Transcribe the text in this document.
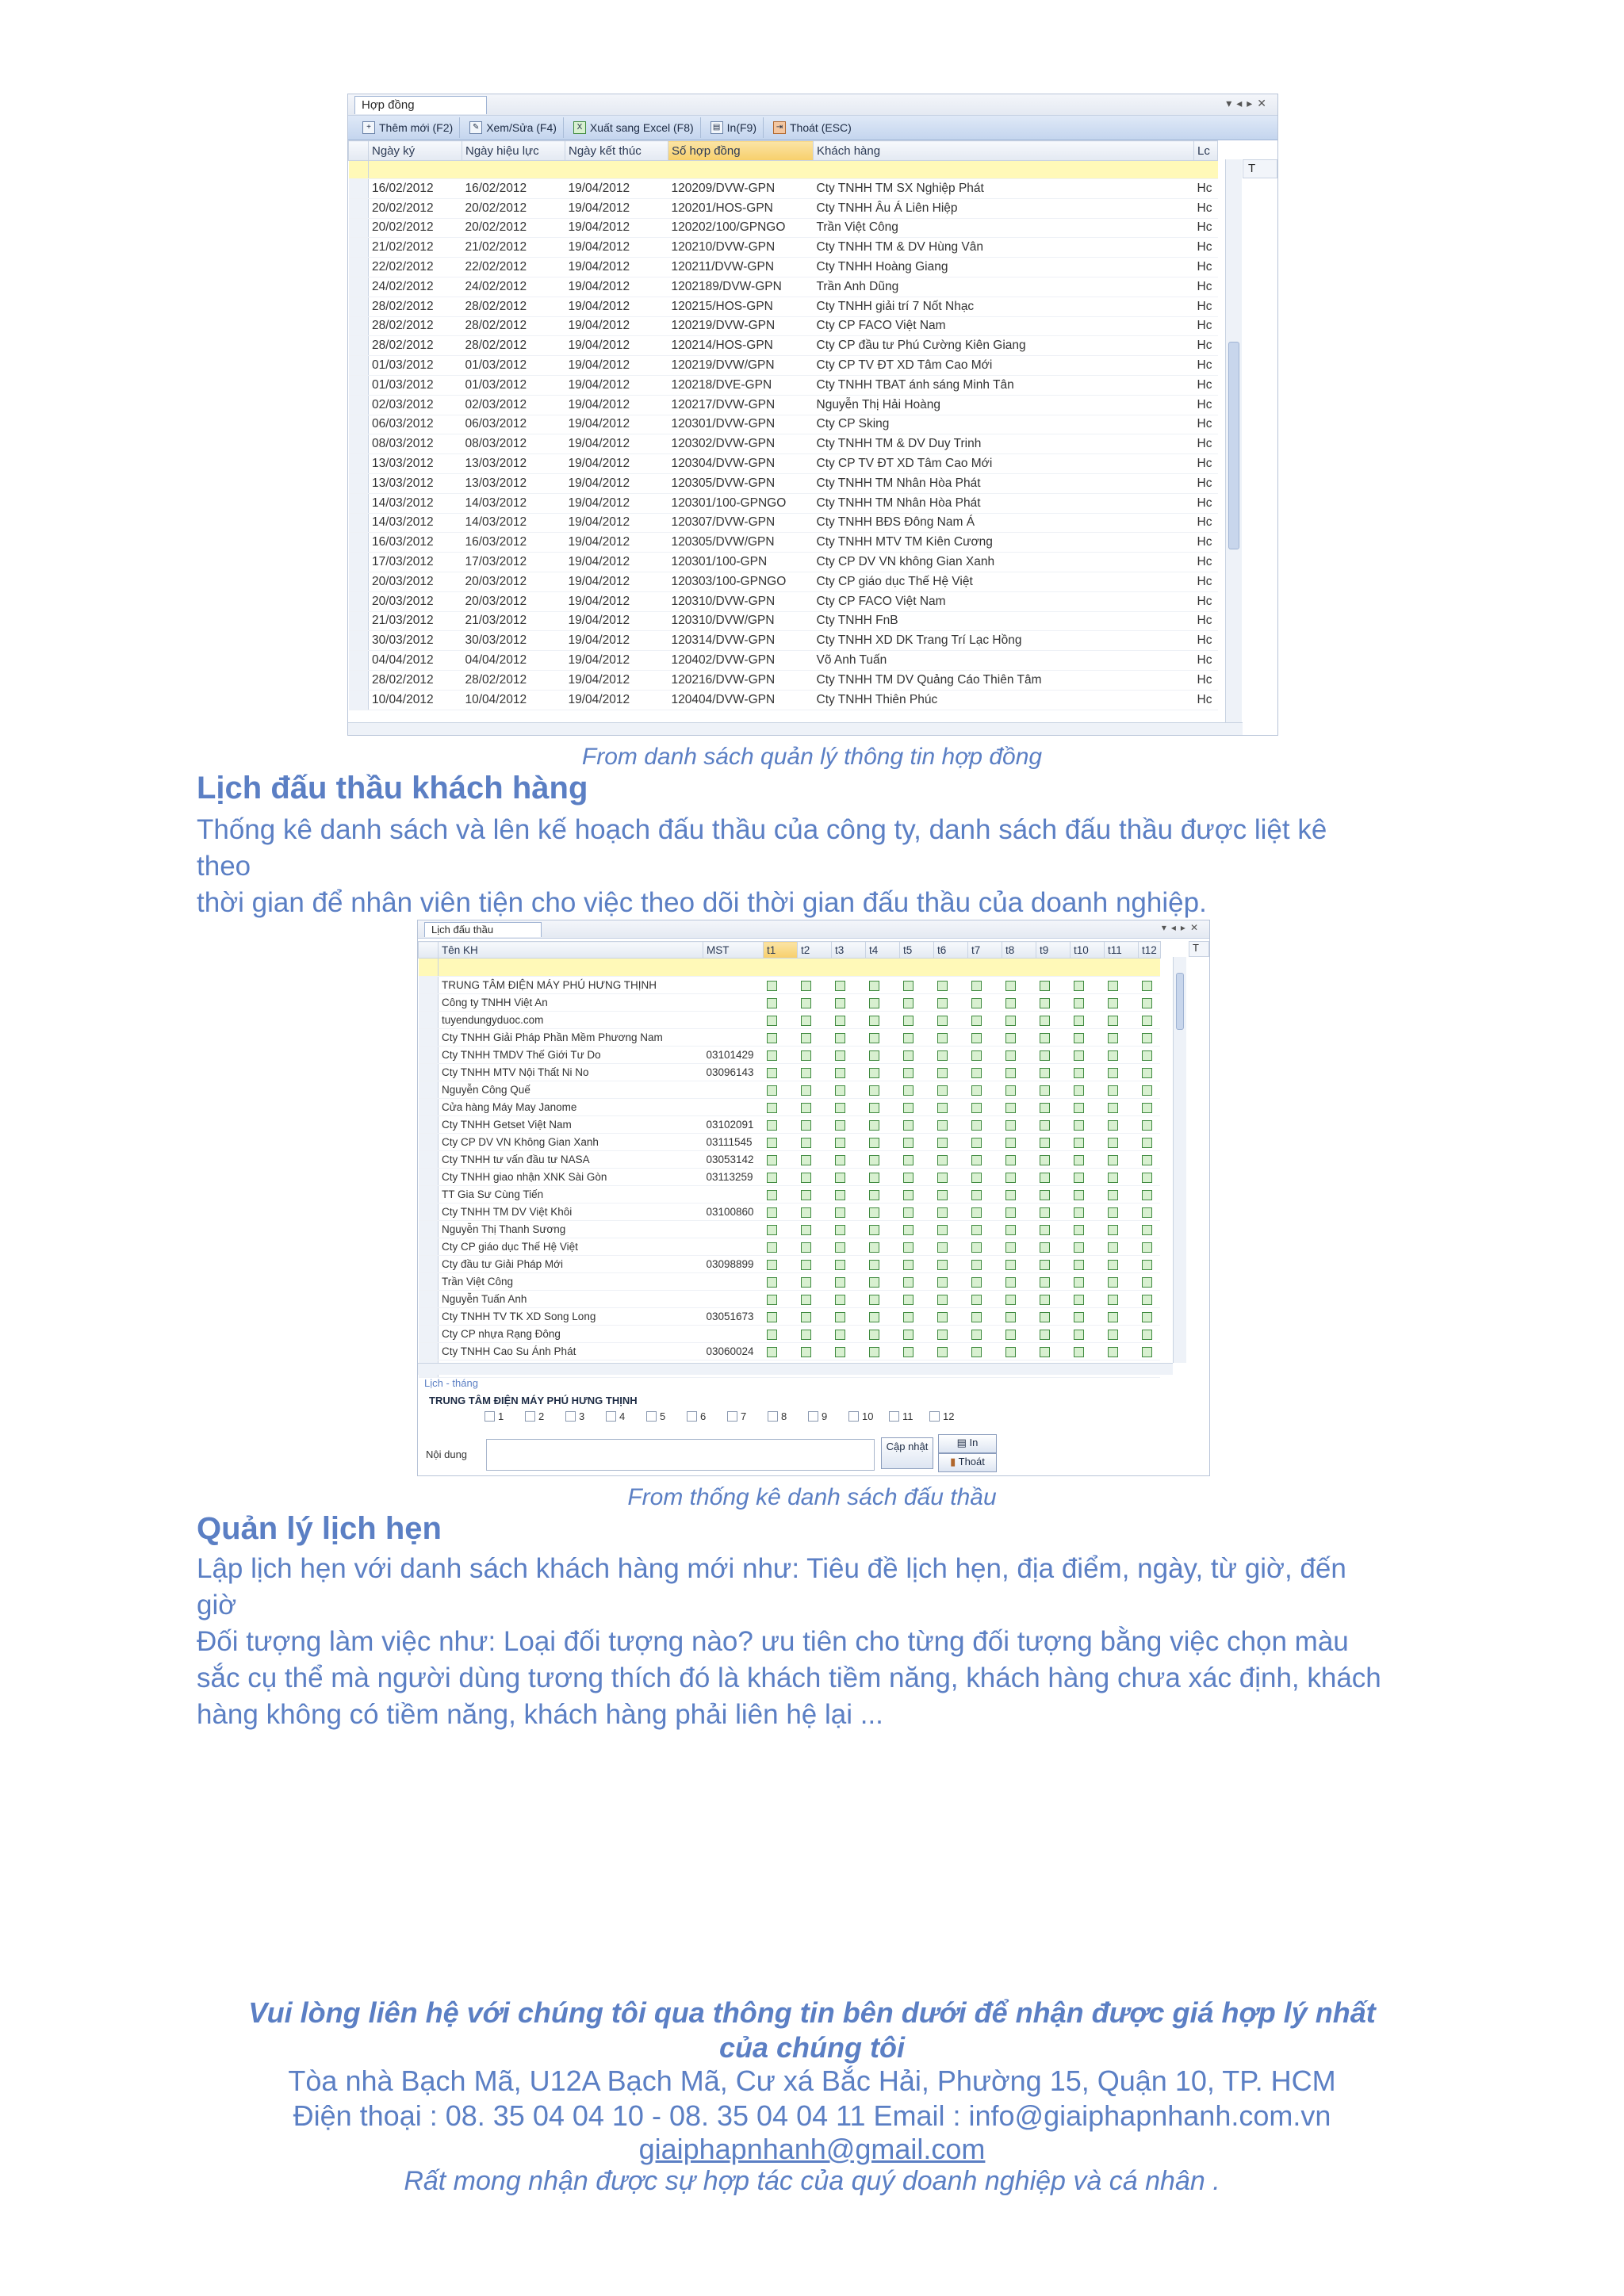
Hợp đồng	▾◂▸✕
+ Thêm mới (F2)	✎ Xem/Sửa (F4)	X Xuất sang Excel (F8)	▤ In(F9)	⇥ Thoát (ESC)
	Ngày ký	Ngày hiệu lực	Ngày kết thúc	Số hợp đồng	Khách hàng	Lc

	16/02/2012	16/02/2012	19/04/2012	120209/DVW-GPN	Cty TNHH TM SX Nghiệp Phát	Hc
	20/02/2012	20/02/2012	19/04/2012	120201/HOS-GPN	Cty TNHH Âu Á Liên Hiệp	Hc
	20/02/2012	20/02/2012	19/04/2012	120202/100/GPNGO	Trần Việt Công	Hc
	21/02/2012	21/02/2012	19/04/2012	120210/DVW-GPN	Cty TNHH TM & DV Hùng Vân	Hc
	22/02/2012	22/02/2012	19/04/2012	120211/DVW-GPN	Cty TNHH Hoàng Giang	Hc
	24/02/2012	24/02/2012	19/04/2012	1202189/DVW-GPN	Trần Anh Dũng	Hc
	28/02/2012	28/02/2012	19/04/2012	120215/HOS-GPN	Cty TNHH giải trí 7 Nốt Nhạc	Hc
	28/02/2012	28/02/2012	19/04/2012	120219/DVW-GPN	Cty CP FACO Việt Nam	Hc
	28/02/2012	28/02/2012	19/04/2012	120214/HOS-GPN	Cty CP đầu tư Phú Cường Kiên Giang	Hc
	01/03/2012	01/03/2012	19/04/2012	120219/DVW/GPN	Cty CP TV ĐT XD Tâm Cao Mới	Hc
	01/03/2012	01/03/2012	19/04/2012	120218/DVE-GPN	Cty TNHH TBAT ánh sáng Minh Tân	Hc
	02/03/2012	02/03/2012	19/04/2012	120217/DVW-GPN	Nguyễn Thị Hải Hoàng	Hc
	06/03/2012	06/03/2012	19/04/2012	120301/DVW-GPN	Cty CP Sking	Hc
	08/03/2012	08/03/2012	19/04/2012	120302/DVW-GPN	Cty TNHH TM & DV Duy Trinh	Hc
	13/03/2012	13/03/2012	19/04/2012	120304/DVW-GPN	Cty CP TV ĐT XD Tâm Cao Mới	Hc
	13/03/2012	13/03/2012	19/04/2012	120305/DVW-GPN	Cty TNHH TM Nhân Hòa Phát	Hc
	14/03/2012	14/03/2012	19/04/2012	120301/100-GPNGO	Cty TNHH TM Nhân Hòa Phát	Hc
	14/03/2012	14/03/2012	19/04/2012	120307/DVW-GPN	Cty TNHH BĐS Đông Nam Á	Hc
	16/03/2012	16/03/2012	19/04/2012	120305/DVW/GPN	Cty TNHH MTV TM Kiên Cương	Hc
	17/03/2012	17/03/2012	19/04/2012	120301/100-GPN	Cty CP DV VN không Gian Xanh	Hc
	20/03/2012	20/03/2012	19/04/2012	120303/100-GPNGO	Cty CP giáo dục Thế Hệ Việt	Hc
	20/03/2012	20/03/2012	19/04/2012	120310/DVW-GPN	Cty CP FACO Việt Nam	Hc
	21/03/2012	21/03/2012	19/04/2012	120310/DVW/GPN	Cty TNHH FnB	Hc
	30/03/2012	30/03/2012	19/04/2012	120314/DVW-GPN	Cty TNHH XD DK Trang Trí Lạc Hồng	Hc
	04/04/2012	04/04/2012	19/04/2012	120402/DVW-GPN	Võ Anh Tuấn	Hc
	28/02/2012	28/02/2012	19/04/2012	120216/DVW-GPN	Cty TNHH TM DV Quảng Cáo Thiên Tâm	Hc
	10/04/2012	10/04/2012	19/04/2012	120404/DVW-GPN	Cty TNHH Thiên Phúc	Hc
T
From danh sách quản lý thông tin hợp đồng
Lịch đấu thầu khách hàng
Thống kê danh sách và lên kế hoạch đấu thầu của công ty, danh sách đấu thầu được liệt kê
theo
thời gian để nhân viên tiện cho việc theo dõi thời gian đấu thầu của doanh nghiệp.
Lịch đấu thầu	▾◂▸✕
	Tên KH	MST	t1	t2	t3	t4	t5	t6	t7	t8	t9	t10	t11	t12

	TRUNG TÂM ĐIỆN MÁY PHÚ HƯNG THỊNH													
	Công ty TNHH Việt An													
	tuyendungyduoc.com													
	Cty TNHH Giải Pháp Phần Mềm Phương Nam													
	Cty TNHH TMDV Thế Giới Tư Do	03101429												
	Cty TNHH MTV Nội Thất Ni No	03096143												
	Nguyễn Công Quế													
	Cửa hàng Máy May Janome													
	Cty TNHH Getset Việt Nam	03102091												
	Cty CP DV VN Không Gian Xanh	03111545												
	Cty TNHH tư vấn đầu tư NASA	03053142												
	Cty TNHH giao nhận XNK Sài Gòn	03113259												
	TT Gia Sư Cùng Tiến													
	Cty TNHH TM DV Việt Khôi	03100860												
	Nguyễn Thị Thanh Sương													
	Cty CP giáo dục Thế Hệ Việt													
	Cty đầu tư Giải Pháp Mới	03098899												
	Trần Việt Công													
	Nguyễn Tuấn Anh													
	Cty TNHH TV TK XD Song Long	03051673												
	Cty CP nhựa Rạng Đông													
	Cty TNHH Cao Su Ánh Phát	03060024												

T
Lịch - tháng
TRUNG TÂM ĐIỆN MÁY PHÚ HƯNG THỊNH
1	2	3	4	5	6	7	8	9	10	11	12
Nội dung
Cập nhật	▤ In
▮ Thoát
From thống kê danh sách đấu thầu
Quản lý lịch hẹn
Lập lịch hẹn với danh sách khách hàng mới như: Tiêu đề lịch hẹn, địa điểm, ngày, từ giờ, đến
giờ
Đối tượng làm việc như: Loại đối tượng nào? ưu tiên cho từng đối tượng bằng việc chọn màu
sắc cụ thể mà người dùng tương thích đó là khách tiềm năng, khách hàng chưa xác định, khách
hàng không có tiềm năng, khách hàng phải liên hệ lại ...
Vui lòng liên hệ với chúng tôi qua thông tin bên dưới để nhận được giá hợp lý nhất
của chúng tôi
Tòa nhà Bạch Mã, U12A Bạch Mã, Cư xá Bắc Hải, Phường 15, Quận 10, TP. HCM
Điện thoại : 08. 35 04 04 10 - 08. 35 04 04 11 Email : info@giaiphapnhanh.com.vn
giaiphapnhanh@gmail.com
Rất mong nhận được sự hợp tác của quý doanh nghiệp và cá nhân .
